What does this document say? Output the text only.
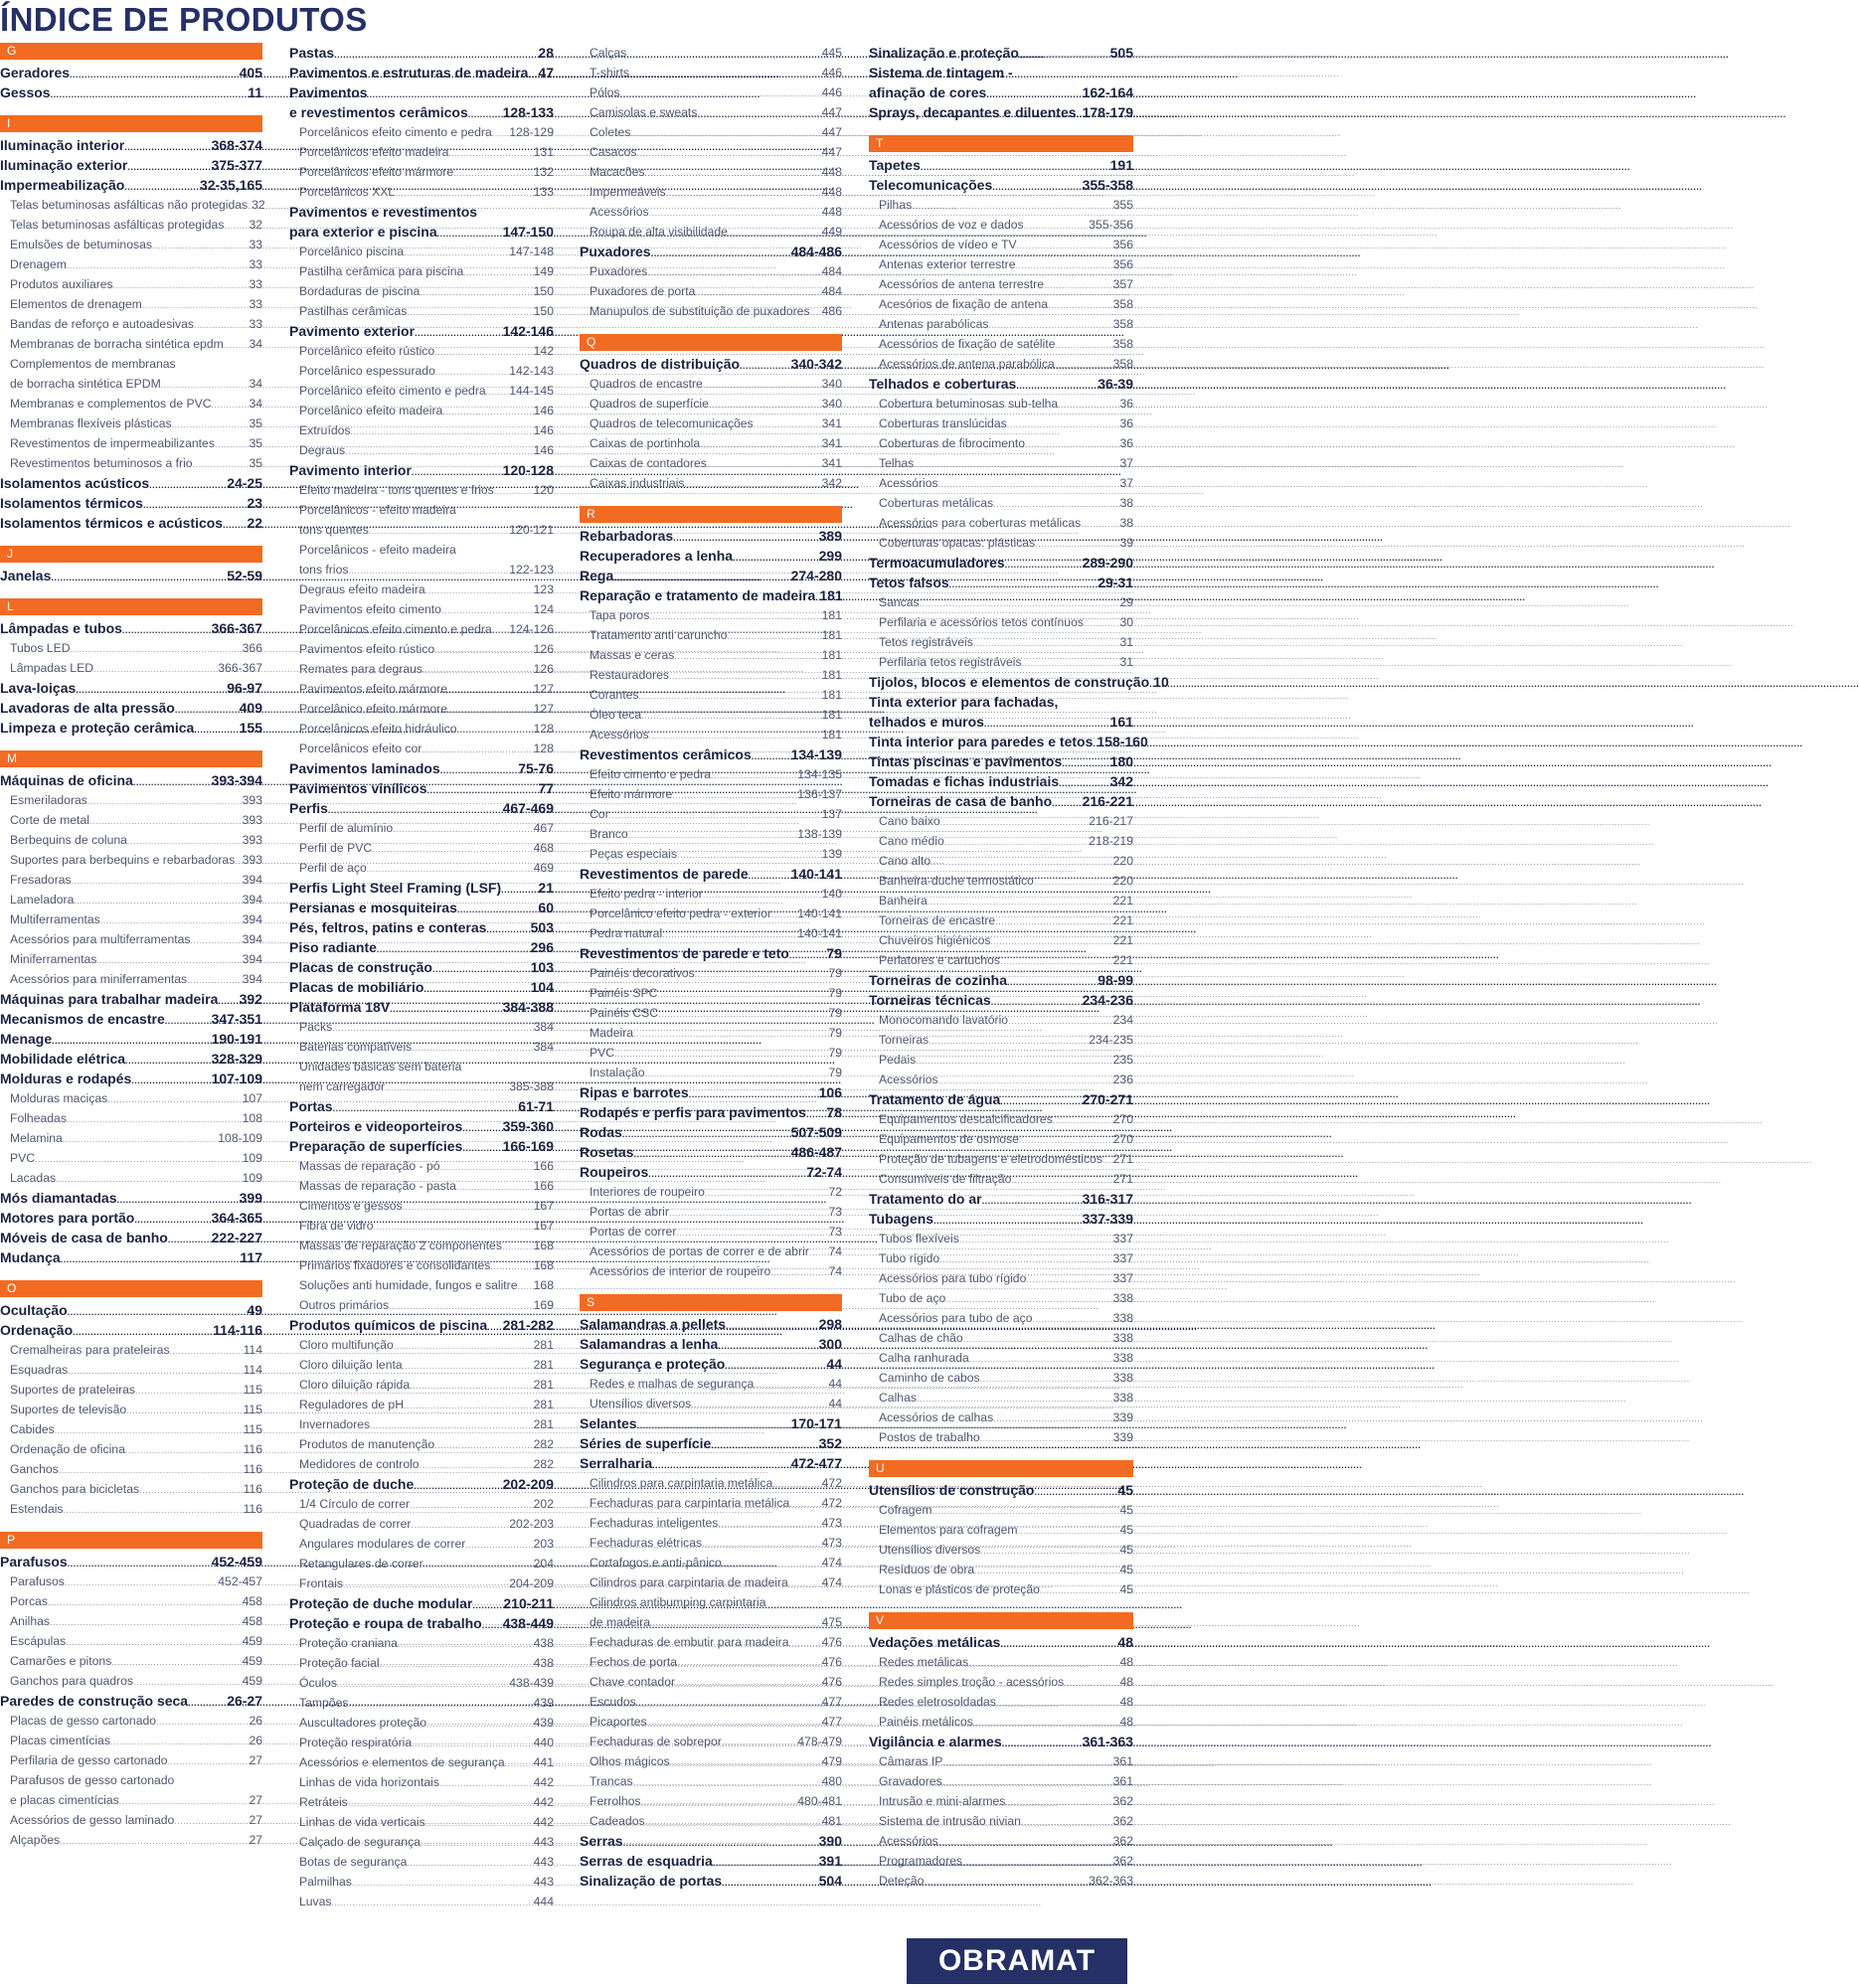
ÍNDICE DE PRODUTOS
G
Geradores .....	405
Gessos .....	11
I
Iluminação interior .....	368-374
Iluminação exterior .....	375-377
Impermeabilização .....	32-35,165
Telas betuminosas asfálticas não protegidas ..... 32
Telas betuminosas asfálticas protegidas ..... 32
Emulsões de betuminosas .....	33
Drenagem .....	33
Produtos auxiliares .....	33
Elementos de drenagem .....	33
Bandas de reforço e autoadesivas .....	33
Membranas de borracha sintética epdm ..... 34
Complementos de membranas
de borracha sintética EPDM .....	34
Membranas e complementos de PVC .....	34
Membranas flexíveis plásticas .....	35
Revestimentos de impermeabilizantes .....	35
Revestimentos betuminosos a frio .....	35
Isolamentos acústicos .....	24-25
Isolamentos térmicos .....	23
Isolamentos térmicos e acústicos ..... 22
J
Janelas .....	52-59
L
Lâmpadas e tubos .....	366-367
Tubos LED .....	366
Lâmpadas LED .....	366-367
Lava-loiças .....	96-97
Lavadoras de alta pressão .....	409
Limpeza e proteção cerâmica .....	155
M
Máquinas de oficina .....	393-394
Esmeriladoras .....	393
Corte de metal .....	393
Berbequins de coluna .....	393
Suportes para berbequins e rebarbadoras ..... 393
Fresadoras .....	394
Lameladora .....	394
Multiferramentas .....	394
Acessórios para multiferramentas .....	394
Miniferramentas .....	394
Acessórios para miniferramentas .....	394
Máquinas para trabalhar madeira ..... 392
Mecanismos de encastre .....	347-351
Menage .....	190-191
Mobilidade elétrica .....	328-329
Molduras e rodapés .....	107-109
Molduras maciças .....	107
Folheadas .....	108
Melamina .....	108-109
PVC .....	109
Lacadas .....	109
Mós diamantadas .....	399
Motores para portão .....	364-365
Móveis de casa de banho .....	222-227
Mudança .....	117
O
Ocultação .....	49
Ordenação .....	114-116
Cremalheiras para prateleiras .....	114
Esquadras .....	114
Suportes de prateleiras .....	115
Suportes de televisão .....	115
Cabides .....	115
Ordenação de oficina .....	116
Ganchos .....	116
Ganchos para bicicletas .....	116
Estendais .....	116
P
Parafusos .....	452-459
Parafusos .....	452-457
Porcas .....	458
Anilhas .....	458
Escápulas .....	459
Camarões e pitons .....	459
Ganchos para quadros .....	459
Paredes de construção seca .....	26-27
Placas de gesso cartonado .....	26
Placas cimentícias .....	26
Perfilaria de gesso cartonado .....	27
Parafusos de gesso cartonado
e placas cimentícias .....	27
Acessórios de gesso laminado .....	27
Alçapões .....	27
Pastas .....	28
Pavimentos e estruturas de madeira ..... 47
Pavimentos
e revestimentos cerâmicos ..... 128-133
Porcelânicos efeito cimento e pedra ..... 128-129
Porcelânicos efeito madeira .....	131
Porcelânicos efeito mármore .....	132
Porcelânicos XXL .....	133
Pavimentos e revestimentos
para exterior e piscina .....	147-150
Porcelânico piscina .....	147-148
Pastilha cerâmica para piscina .....	149
Bordaduras de piscina .....	150
Pastilhas cerâmicas .....	150
Pavimento exterior .....	142-146
Porcelânico efeito rústico .....	142
Porcelânico espessurado .....	142-143
Porcelânico efeito cimento e pedra ..... 144-145
Porcelânico efeito madeira .....	146
Extruídos .....	146
Degraus .....	146
Pavimento interior .....	120-128
Efeito madeira - tons quentes e frios .....	120
Porcelânicos - efeito madeira
tons quentes .....	120-121
Porcelânicos - efeito madeira
tons frios .....	122-123
Degraus efeito madeira .....	123
Pavimentos efeito cimento .....	124
Porcelânicos efeito cimento e pedra ..... 124-126
Pavimentos efeito rústico .....	126
Remates para degraus .....	126
Pavimentos efeito mármore .....	127
Porcelânico efeito mármore .....	127
Porcelânicos efeito hidráulico .....	128
Porcelânicos efeito cor .....	128
Pavimentos laminados .....	75-76
Pavimentos vinílicos .....	77
Perfis .....	467-469
Perfil de alumínio .....	467
Perfil de PVC .....	468
Perfil de aço .....	469
Perfis Light Steel Framing (LSF) .....	21
Persianas e mosquiteiras .....	60
Pés, feltros, patins e conteras .....	503
Piso radiante .....	296
Placas de construção .....	103
Placas de mobiliário .....	104
Plataforma 18V .....	384-388
Packs .....	384
Baterias compatíveis .....	384
Unidades básicas sem bateria
nem carregador .....	385-388
Portas .....	61-71
Porteiros e videoporteiros .....	359-360
Preparação de superfícies .....	166-169
Massas de reparação - pó .....	166
Massas de reparação - pasta .....	166
Cimentos e gessos .....	167
Fibra de vidro .....	167
Massas de reparação 2 componentes .....	168
Primários fixadores e consolidantes .....	168
Soluções anti humidade, fungos e salitre ..... 168
Outros primários .....	169
Produtos químicos de piscina ..... 281-282
Cloro multifunção .....	281
Cloro diluição lenta .....	281
Cloro diluição rápida .....	281
Reguladores de pH .....	281
Invernadores .....	281
Produtos de manutenção .....	282
Medidores de controlo .....	282
Proteção de duche .....	202-209
1/4 Círculo de correr .....	202
Quadradas de correr .....	202-203
Angulares modulares de correr .....	203
Retangulares de correr .....	204
Frontais .....	204-209
Proteção de duche modular ..... 210-211
Proteção e roupa de trabalho ..... 438-449
Proteção craniana .....	438
Proteção facial .....	438
Óculos .....	438-439
Tampões .....	439
Auscultadores proteção .....	439
Proteção respiratória .....	440
Acessórios e elementos de segurança ..... 441
Linhas de vida horizontais .....	442
Retráteis .....	442
Linhas de vida verticais .....	442
Calçado de segurança .....	443
Botas de segurança .....	443
Palmilhas .....	443
Luvas .....	444
Calças .....	445
T-shirts .....	446
Pólos .....	446
Camisolas e sweats .....	447
Coletes .....	447
Casacos .....	447
Macacões .....	448
Impermeáveis .....	448
Acessórios .....	448
Roupa de alta visibilidade .....	449
Puxadores .....	484-486
Puxadores .....	484
Puxadores de porta .....	484
Manupulos de substituição de puxadores ..... 486
Q
Quadros de distribuição .....	340-342
Quadros de encastre .....	340
Quadros de superfície .....	340
Quadros de telecomunicações .....	341
Caixas de portinhola .....	341
Caixas de contadores .....	341
Caixas industriais .....	342
R
Rebarbadoras .....	389
Recuperadores a lenha .....	299
Rega .....	274-280
Reparação e tratamento de madeira ..... 181
Tapa poros .....	181
Tratamento anti caruncho .....	181
Massas e ceras .....	181
Restauradores .....	181
Corantes .....	181
Óleo teca .....	181
Acessórios .....	181
Revestimentos cerâmicos .....	134-139
Efeito cimento e pedra .....	134-135
Efeito mármore .....	136-137
Cor .....	137
Branco .....	138-139
Peças especiais .....	139
Revestimentos de parede .....	140-141
Efeito pedra - interior .....	140
Porcelânico efeito pedra - exterior ..... 140-141
Pedra natural .....	140-141
Revestimentos de parede e teto .....	79
Painéis decorativos .....	79
Painéis SPC .....	79
Painéis CSC .....	79
Madeira .....	79
PVC .....	79
Instalação .....	79
Ripas e barrotes .....	106
Rodapés e perfis para pavimentos ..... 78
Rodas .....	507-509
Rosetas .....	486-487
Roupeiros .....	72-74
Interiores de roupeiro .....	72
Portas de abrir .....	73
Portas de correr .....	73
Acessórios de portas de correr e de abrir ..... 74
Acessórios de interior de roupeiro .....	74
S
Salamandras a pellets .....	298
Salamandras a lenha .....	300
Segurança e proteção .....	44
Redes e malhas de segurança .....	44
Utensílios diversos .....	44
Selantes .....	170-171
Séries de superfície .....	352
Serralharia .....	472-477
Cilindros para carpintaria metálica .....	472
Fechaduras para carpintaria metálica .....	472
Fechaduras inteligentes .....	473
Fechaduras elétricas .....	473
Cortafogos e anti-pânico .....	474
Cilindros para carpintaria de madeira .....	474
Cilindros antibumping carpintaria
de madeira .....	475
Fechaduras de embutir para madeira .....	476
Fechos de porta .....	476
Chave contador .....	476
Escudos .....	477
Picaportes .....	477
Fechaduras de sobrepor .....	478-479
Olhos mágicos .....	479
Trancas .....	480
Ferrolhos .....	480-481
Cadeados .....	481
Serras .....	390
Serras de esquadria .....	391
Sinalização de portas .....	504
Sinalização e proteção .....	505
Sistema de tintagem -
afinação de cores .....	162-164
Sprays, decapantes e diluentes ..... 178-179
T
Tapetes .....	191
Telecomunicações .....	355-358
Pilhas .....	355
Acessórios de voz e dados .....	355-356
Acessórios de vídeo e TV .....	356
Antenas exterior terrestre .....	356
Acessórios de antena terrestre .....	357
Acesórios de fixação de antena .....	358
Antenas parabólicas .....	358
Acessórios de fixação de satélite .....	358
Acessórios de antena parabólica .....	358
Telhados e coberturas .....	36-39
Cobertura betuminosas sub-telha .....	36
Coberturas translúcidas .....	36
Coberturas de fibrocimento .....	36
Telhas .....	37
Acessórios .....	37
Coberturas metálicas .....	38
Acessórios para coberturas metálicas .....	38
Coberturas opacas: plásticas .....	39
Termoacumuladores .....	289-290
Tetos falsos .....	29-31
Sancas .....	29
Perfilaria e acessórios tetos contínuos .....	30
Tetos registráveis .....	31
Perfilaria tetos registráveis .....	31
Tijolos, blocos e elementos de construção ..... 10
Tinta exterior para fachadas,
telhados e muros .....	161
Tinta interior para paredes e tetos ..... 158-160
Tintas piscinas e pavimentos .....	180
Tomadas e fichas industriais .....	342
Torneiras de casa de banho ..... 216-221
Cano baixo .....	216-217
Cano médio .....	218-219
Cano alto .....	220
Banheira-duche termostático .....	220
Banheira .....	221
Torneiras de encastre .....	221
Chuveiros higiénicos .....	221
Perlatores e cartuchos .....	221
Torneiras de cozinha .....	98-99
Torneiras técnicas .....	234-236
Monocomando lavatório .....	234
Torneiras .....	234-235
Pedais .....	235
Acessórios .....	236
Tratamento de água .....	270-271
Equipamentos descalcificadores .....	270
Equipamentos de osmose .....	270
Proteção de tubagens e eletrodomésticos ..... 271
Consumíveis de filtração .....	271
Tratamento do ar .....	316-317
Tubagens .....	337-339
Tubos flexíveis .....	337
Tubo rígido .....	337
Acessórios para tubo rígido .....	337
Tubo de aço .....	338
Acessórios para tubo de aço .....	338
Calhas de chão .....	338
Calha ranhurada .....	338
Caminho de cabos .....	338
Calhas .....	338
Acessórios de calhas .....	339
Postos de trabalho .....	339
U
Utensílios de construção .....	45
Cofragem .....	45
Elementos para cofragem .....	45
Utensílios diversos .....	45
Resíduos de obra .....	45
Lonas e plásticos de proteção .....	45
V
Vedações metálicas .....	48
Redes metálicas .....	48
Redes simples troção - acessórios .....	48
Redes eletrosoldadas .....	48
Painéis metálicos .....	48
Vigilância e alarmes .....	361-363
Câmaras IP .....	361
Gravadores .....	361
Intrusão e mini-alarmes .....	362
Sistema de intrusão nivian .....	362
Acessórios .....	362
Programadores .....	362
Deteção .....	362-363
OBRAMAT
